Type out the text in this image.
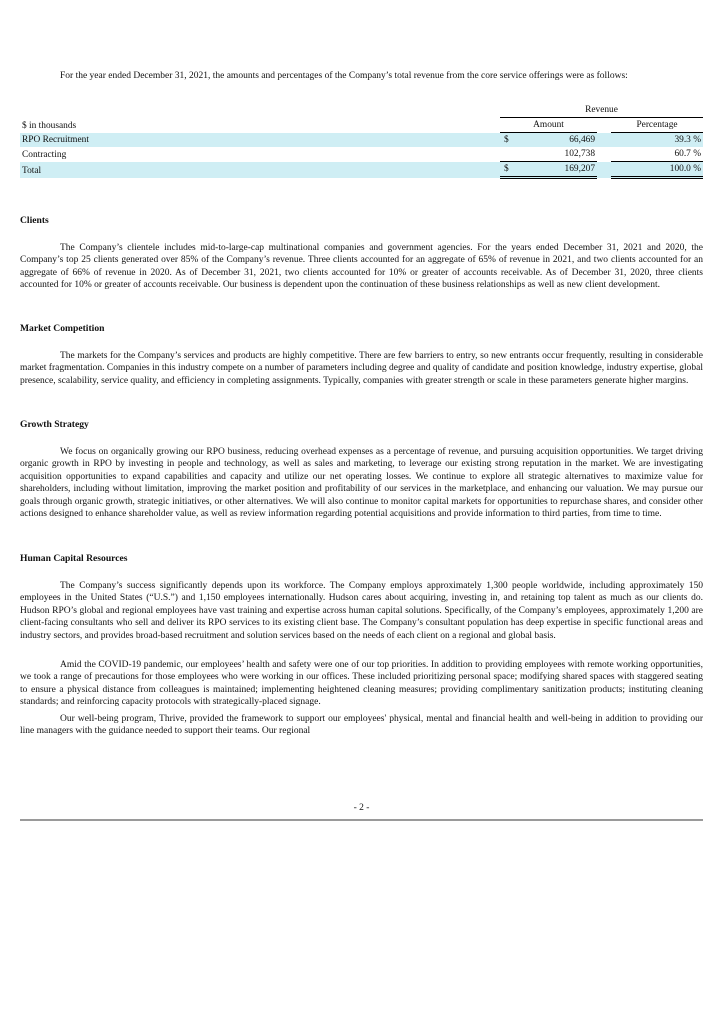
For the year ended December 31, 2021, the amounts and percentages of the Company’s total revenue from the core service offerings were as follows:

		Revenue			
$ in thousands		Amount			Percentage
RPO Recruitment		$	66,469		39.3 %
Contracting			102,738		60.7 %
Total		$	169,207		100.0 %
Clients

The Company’s clientele includes mid-to-large-cap multinational companies and government agencies. For the years ended December 31, 2021 and 2020, the Company’s top 25 clients generated over 85% of the Company’s revenue. Three clients accounted for an aggregate of 65% of revenue in 2021, and two clients accounted for an aggregate of 66% of revenue in 2020. As of December 31, 2021, two clients accounted for 10% or greater of accounts receivable. As of December 31, 2020, three clients accounted for 10% or greater of accounts receivable. Our business is dependent upon the continuation of these business relationships as well as new client development.

Market Competition

The markets for the Company’s services and products are highly competitive. There are few barriers to entry, so new entrants occur frequently, resulting in considerable market fragmentation. Companies in this industry compete on a number of parameters including degree and quality of candidate and position knowledge, industry expertise, global presence, scalability, service quality, and efficiency in completing assignments. Typically, companies with greater strength or scale in these parameters generate higher margins.

Growth Strategy

We focus on organically growing our RPO business, reducing overhead expenses as a percentage of revenue, and pursuing acquisition opportunities. We target driving organic growth in RPO by investing in people and technology, as well as sales and marketing, to leverage our existing strong reputation in the market. We are investigating acquisition opportunities to expand capabilities and capacity and utilize our net operating losses. We continue to explore all strategic alternatives to maximize value for shareholders, including without limitation, improving the market position and profitability of our services in the marketplace, and enhancing our valuation. We may pursue our goals through organic growth, strategic initiatives, or other alternatives. We will also continue to monitor capital markets for opportunities to repurchase shares, and consider other actions designed to enhance shareholder value, as well as review information regarding potential acquisitions and provide information to third parties, from time to time.

Human Capital Resources

The Company’s success significantly depends upon its workforce. The Company employs approximately 1,300 people worldwide, including approximately 150 employees in the United States (“U.S.”) and 1,150 employees internationally. Hudson cares about acquiring, investing in, and retaining top talent as much as our clients do. Hudson RPO’s global and regional employees have vast training and expertise across human capital solutions. Specifically, of the Company’s employees, approximately 1,200 are client-facing consultants who sell and deliver its RPO services to its existing client base. The Company’s consultant population has deep expertise in specific functional areas and industry sectors, and provides broad-based recruitment and solution services based on the needs of each client on a regional and global basis.

Amid the COVID-19 pandemic, our employees’ health and safety were one of our top priorities. In addition to providing employees with remote working opportunities, we took a range of precautions for those employees who were working in our offices. These included prioritizing personal space; modifying shared spaces with staggered seating to ensure a physical distance from colleagues is maintained; implementing heightened cleaning measures; providing complimentary sanitization products; instituting cleaning standards; and reinforcing capacity protocols with strategically-placed signage.

Our well-being program, Thrive, provided the framework to support our employees' physical, mental and financial health and well-being in addition to providing our line managers with the guidance needed to support their teams. Our regional

- 2 -
